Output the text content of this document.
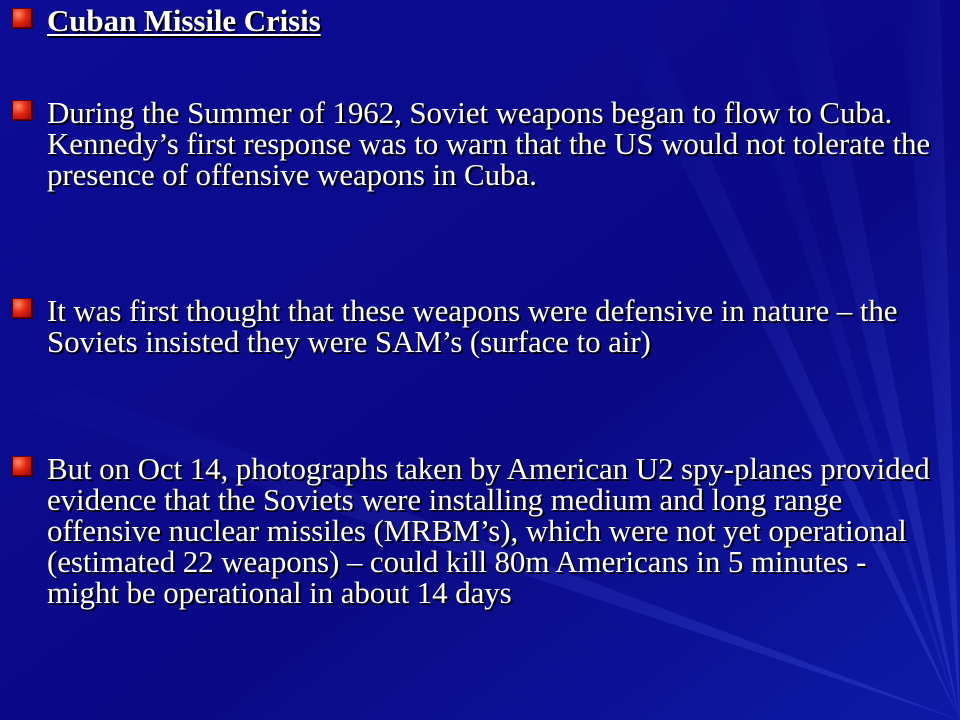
Cuban Missile Crisis
During the Summer of 1962, Soviet weapons began to flow to Cuba. Kennedy’s first response was to warn that the US would not tolerate the presence of offensive weapons in Cuba.
It was first thought that these weapons were defensive in nature – the Soviets insisted they were SAM’s (surface to air)
But on Oct 14, photographs taken by American U2 spy-planes provided evidence that the Soviets were installing medium and long range offensive nuclear missiles (MRBM’s), which were not yet operational (estimated 22 weapons) – could kill 80m Americans in 5 minutes - might be operational in about 14 days
